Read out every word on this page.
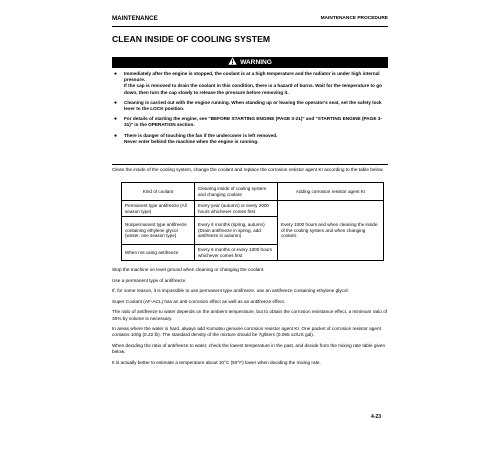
MAINTENANCE	MAINTENANCE PROCEDURE
CLEAN INSIDE OF COOLING SYSTEM
WARNING
● Immediately after the engine is stopped, the coolant is at a high temperature and the radiator is under high internal pressure.
If the cap is removed to drain the coolant in this condition, there is a hazard of burns. Wait for the temperature to go down, then turn the cap slowly to release the pressure before removing it.
● Cleaning is carried out with the engine running. When standing up or leaving the operator's seat, set the safety lock lever to the LOCK position.
● For details of starting the engine, see "BEFORE STARTING ENGINE (PAGE 3-21)" and "STARTING ENGINE (PAGE 3-31)" in the OPERATION section.
● There is danger of touching the fan if the undercover is left removed.
Never enter behind the machine when the engine is running.
Clean the inside of the cooling system, change the coolant and replace the corrosion resistor agent KI according to the table below.
Kind of coolant	Cleaning inside of cooling system and changing coolant	Adding corrosion resistor agent KI
Permanent type antifreeze (All season type)	Every year (autumn) or every 2000 hours whichever comes first	Every 1000 hours and when cleaning the inside of the cooling system and when changing coolant.
Nonpermanent type antifreeze containing ethylene glycol (winter, one season type)	Every 6 months (spring, autumn) (Drain antifreeze in spring, add antifreeze in autumn)	
When not using antifreeze	Every 6 months or every 1000 hours whichever comes first	

Stop the machine on level ground when cleaning or changing the coolant.

Use a permanent type of antifreeze.

If, for some reason, it is impossible to use permanent type antifreeze, use an antifreeze containing ethylene glycol.

Super Coolant (AF-ACL) has an anti-corrosion effect as well as an antifreeze effect.

The ratio of antifreeze to water depends on the ambient temperature, but to obtain the corrosion resistance effect, a minimum ratio of 30% by volume is necessary.

In areas where the water is hard, always add Komatsu genuine corrosion resistor agent KI. One packet of corrosion resistor agent contains 100g (0.22 lb). The standard density of the mixture should be 7g/liters (0.065 oz/US gal).

When deciding the ratio of antifreeze to water, check the lowest temperature in the past, and decide from the mixing rate table given below.

It is actually better to estimate a temperature about 10°C (50°F) lower when deciding the mixing rate.

4-23
